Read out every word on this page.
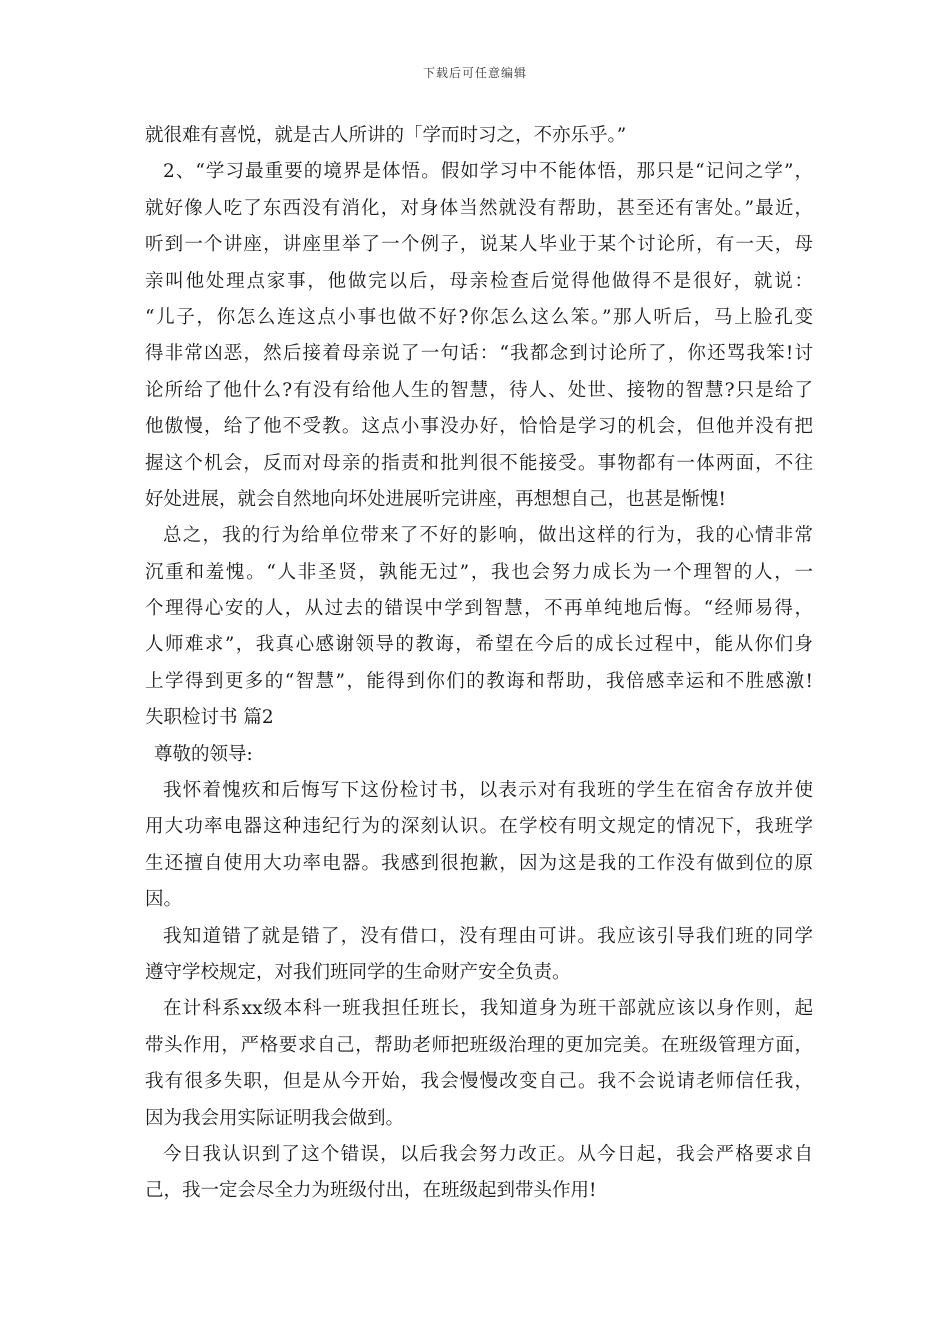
下载后可任意编辑
就很难有喜悦，就是古人所讲的「学而时习之，不亦乐乎。”
2、“学习最重要的境界是体悟。假如学习中不能体悟，那只是“记问之学”，
就好像人吃了东西没有消化，对身体当然就没有帮助，甚至还有害处。”最近，
听到一个讲座，讲座里举了一个例子，说某人毕业于某个讨论所，有一天，母
亲叫他处理点家事，他做完以后，母亲检查后觉得他做得不是很好，就说：
“儿子，你怎么连这点小事也做不好?你怎么这么笨。”那人听后，马上脸孔变
得非常凶恶，然后接着母亲说了一句话：“我都念到讨论所了，你还骂我笨!讨
论所给了他什么?有没有给他人生的智慧，待人、处世、接物的智慧?只是给了
他傲慢，给了他不受教。这点小事没办好，恰恰是学习的机会，但他并没有把
握这个机会，反而对母亲的指责和批判很不能接受。事物都有一体两面，不往
好处进展，就会自然地向坏处进展听完讲座，再想想自己，也甚是惭愧!
总之，我的行为给单位带来了不好的影响，做出这样的行为，我的心情非常
沉重和羞愧。“人非圣贤，孰能无过”，我也会努力成长为一个理智的人，一
个理得心安的人，从过去的错误中学到智慧，不再单纯地后悔。“经师易得，
人师难求”，我真心感谢领导的教诲，希望在今后的成长过程中，能从你们身
上学得到更多的“智慧”，能得到你们的教诲和帮助，我倍感幸运和不胜感激!
失职检讨书 篇2
尊敬的领导:
我怀着愧疚和后悔写下这份检讨书，以表示对有我班的学生在宿舍存放并使
用大功率电器这种违纪行为的深刻认识。在学校有明文规定的情况下，我班学
生还擅自使用大功率电器。我感到很抱歉，因为这是我的工作没有做到位的原
因。
我知道错了就是错了，没有借口，没有理由可讲。我应该引导我们班的同学
遵守学校规定，对我们班同学的生命财产安全负责。
在计科系xx级本科一班我担任班长，我知道身为班干部就应该以身作则，起
带头作用，严格要求自己，帮助老师把班级治理的更加完美。在班级管理方面，
我有很多失职，但是从今开始，我会慢慢改变自己。我不会说请老师信任我，
因为我会用实际证明我会做到。
今日我认识到了这个错误，以后我会努力改正。从今日起，我会严格要求自
己，我一定会尽全力为班级付出，在班级起到带头作用!
